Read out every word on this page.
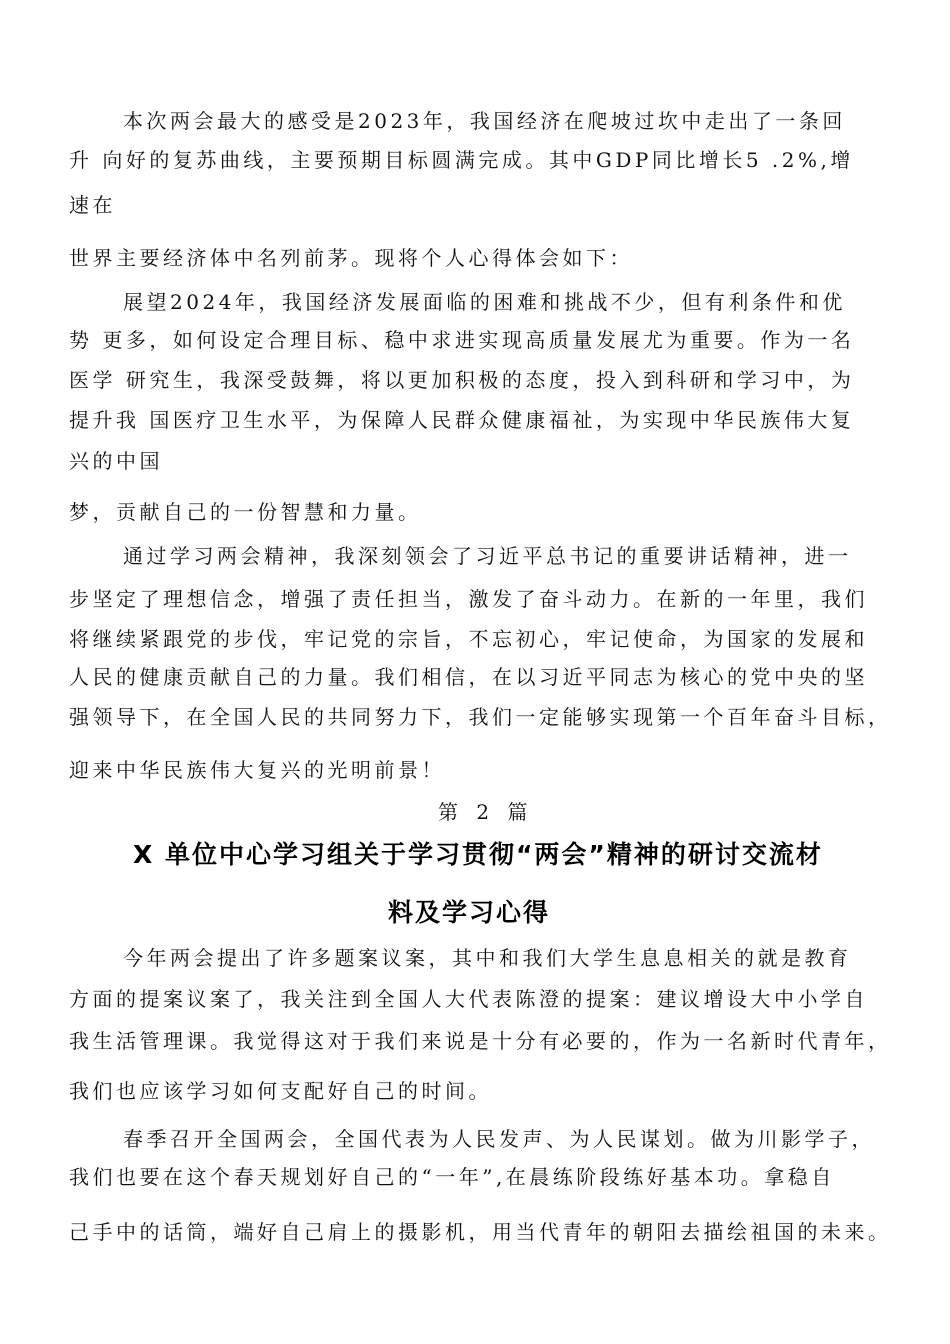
本次两会最大的感受是2023年，我国经济在爬坡过坎中走出了一条回
升 向好的复苏曲线，主要预期目标圆满完成。其中GDP同比增长5 .2%,增
速在
世界主要经济体中名列前茅。现将个人心得体会如下：
展望2024年，我国经济发展面临的困难和挑战不少，但有利条件和优
势 更多，如何设定合理目标、稳中求进实现高质量发展尤为重要。作为一名
医学 研究生，我深受鼓舞，将以更加积极的态度，投入到科研和学习中，为
提升我 国医疗卫生水平，为保障人民群众健康福祉，为实现中华民族伟大复
兴的中国
梦，贡献自己的一份智慧和力量。
通过学习两会精神，我深刻领会了习近平总书记的重要讲话精神，进一
步坚定了理想信念，增强了责任担当，激发了奋斗动力。在新的一年里，我们
将继续紧跟党的步伐，牢记党的宗旨，不忘初心，牢记使命，为国家的发展和
人民的健康贡献自己的力量。我们相信，在以习近平同志为核心的党中央的坚
强领导下，在全国人民的共同努力下，我们一定能够实现第一个百年奋斗目标，
迎来中华民族伟大复兴的光明前景！
第 2 篇
X 单位中心学习组关于学习贯彻“两会”精神的研讨交流材
料及学习心得
今年两会提出了许多题案议案，其中和我们大学生息息相关的就是教育
方面的提案议案了，我关注到全国人大代表陈澄的提案：建议增设大中小学自
我生活管理课。我觉得这对于我们来说是十分有必要的，作为一名新时代青年，
我们也应该学习如何支配好自己的时间。
春季召开全国两会，全国代表为人民发声、为人民谋划。做为川影学子，
我们也要在这个春天规划好自己的“一年”,在晨练阶段练好基本功。拿稳自
己手中的话筒，端好自己肩上的摄影机，用当代青年的朝阳去描绘祖国的未来。
